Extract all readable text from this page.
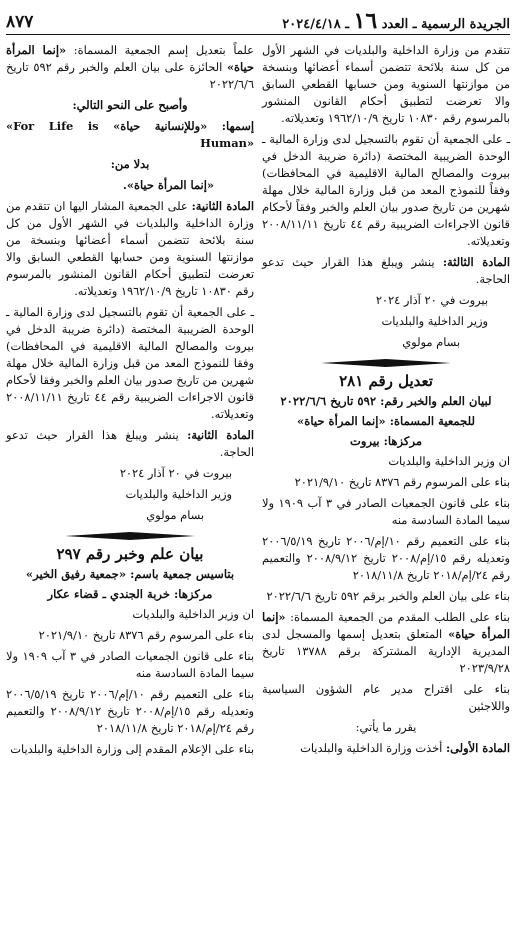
الجريدة الرسمية ـ العدد ١٦ ـ ٢٠٢٤/٤/١٨
٨٧٧

تتقدم من وزارة الداخلية والبلديات في الشهر الأول من كل سنة بلائحة تتضمن أسماء أعضائها وبنسخة من موازنتها السنوية ومن حسابها القطعي السابق والا تعرضت لتطبيق أحكام القانون المنشور بالمرسوم رقم ١٠٨٣٠ تاريخ ١٩٦٢/١٠/٩ وتعديلاته.

ـ على الجمعية أن تقوم بالتسجيل لدى وزارة المالية ـ الوحدة الضريبية المختصة (دائرة ضريبة الدخل في بيروت والمصالح المالية الاقليمية في المحافظات) وفقاً للنموذج المعد من قبل وزارة المالية خلال مهلة شهرين من تاريخ صدور بيان العلم والخبر وفقاً لأحكام قانون الاجراءات الضريبية رقم ٤٤ تاريخ ٢٠٠٨/١١/١١ وتعديلاته.

المادة الثالثة: ينشر ويبلغ هذا القرار حيث تدعو الحاجة.

بيروت في ٢٠ آذار ٢٠٢٤

وزير الداخلية والبلديات

بسام مولوي

تعديل رقم ٢٨١
لبيان العلم والخبر رقم: ٥٩٢ تاريخ ٢٠٢٢/٦/٦
للجمعية المسماة: «إنما المرأة حياة»
مركزها: بيروت

ان وزير الداخلية والبلديات

بناء على المرسوم رقم ٨٣٧٦ تاريخ ٢٠٢١/٩/١٠

بناء على قانون الجمعيات الصادر في ٣ آب ١٩٠٩ ولا سيما المادة السادسة منه

بناء على التعميم رقم ١٠/إم/٢٠٠٦ تاريخ ٢٠٠٦/٥/١٩ وتعديله رقم ١٥/إم/٢٠٠٨ تاريخ ٢٠٠٨/٩/١٢ والتعميم رقم ٢٤/إم/٢٠١٨ تاريخ ٢٠١٨/١١/٨

بناء على بيان العلم والخبر برقم ٥٩٢ تاريخ ٢٠٢٢/٦/٦

بناء على الطلب المقدم من الجمعية المسماة: «إنما المرأة حياة» المتعلق بتعديل إسمها والمسجل لدى المديرية الإدارية المشتركة برقم ١٣٧٨٨ تاريخ ٢٠٢٣/٩/٢٨

بناء على اقتراح مدير عام الشؤون السياسية واللاجئين

يقرر ما يأتي:

المادة الأولى: أخذت وزارة الداخلية والبلديات

علماً بتعديل إسم الجمعية المسماة: «إنما المرأة حياة» الحائزة على بيان العلم والخبر رقم ٥٩٢ تاريخ ٢٠٢٢/٦/٦

وأصبح على النحو التالي:

إسمها: «وللإنسانية حياة» «For Life is Human»

بدلا من:

«إنما المرأة حياة».

المادة الثانية: على الجمعية المشار اليها ان تتقدم من وزارة الداخلية والبلديات في الشهر الأول من كل سنة بلائحة تتضمن أسماء أعضائها وبنسخة من موازنتها السنوية ومن حسابها القطعي السابق والا تعرضت لتطبيق أحكام القانون المنشور بالمرسوم رقم ١٠٨٣٠ تاريخ ١٩٦٢/١٠/٩ وتعديلاته.

ـ على الجمعية أن تقوم بالتسجيل لدى وزارة المالية ـ الوحدة الضريبية المختصة (دائرة ضريبة الدخل في بيروت والمصالح المالية الاقليمية في المحافظات) وفقا للنموذج المعد من قبل وزارة المالية خلال مهلة شهرين من تاريخ صدور بيان العلم والخبر وفقا لأحكام قانون الاجراءات الضريبية رقم ٤٤ تاريخ ٢٠٠٨/١١/١١ وتعديلاته.

المادة الثانية: ينشر ويبلغ هذا القرار حيث تدعو الحاجة.

بيروت في ٢٠ آذار ٢٠٢٤

وزير الداخلية والبلديات

بسام مولوي

بيان علم وخبر رقم ٢٩٧
بتاسيس جمعية باسم: «جمعية رفيق الخير»
مركزها: خربة الجندي ـ قضاء عكار

ان وزير الداخلية والبلديات

بناء على المرسوم رقم ٨٣٧٦ تاريخ ٢٠٢١/٩/١٠

بناء على قانون الجمعيات الصادر في ٣ آب ١٩٠٩ ولا سيما المادة السادسة منه

بناء على التعميم رقم ١٠/إم/٢٠٠٦ تاريخ ٢٠٠٦/٥/١٩ وتعديله رقم ١٥/إم/٢٠٠٨ تاريخ ٢٠٠٨/٩/١٢ والتعميم رقم ٢٤/إم/٢٠١٨ تاريخ ٢٠١٨/١١/٨

بناء على الإعلام المقدم إلى وزارة الداخلية والبلديات
